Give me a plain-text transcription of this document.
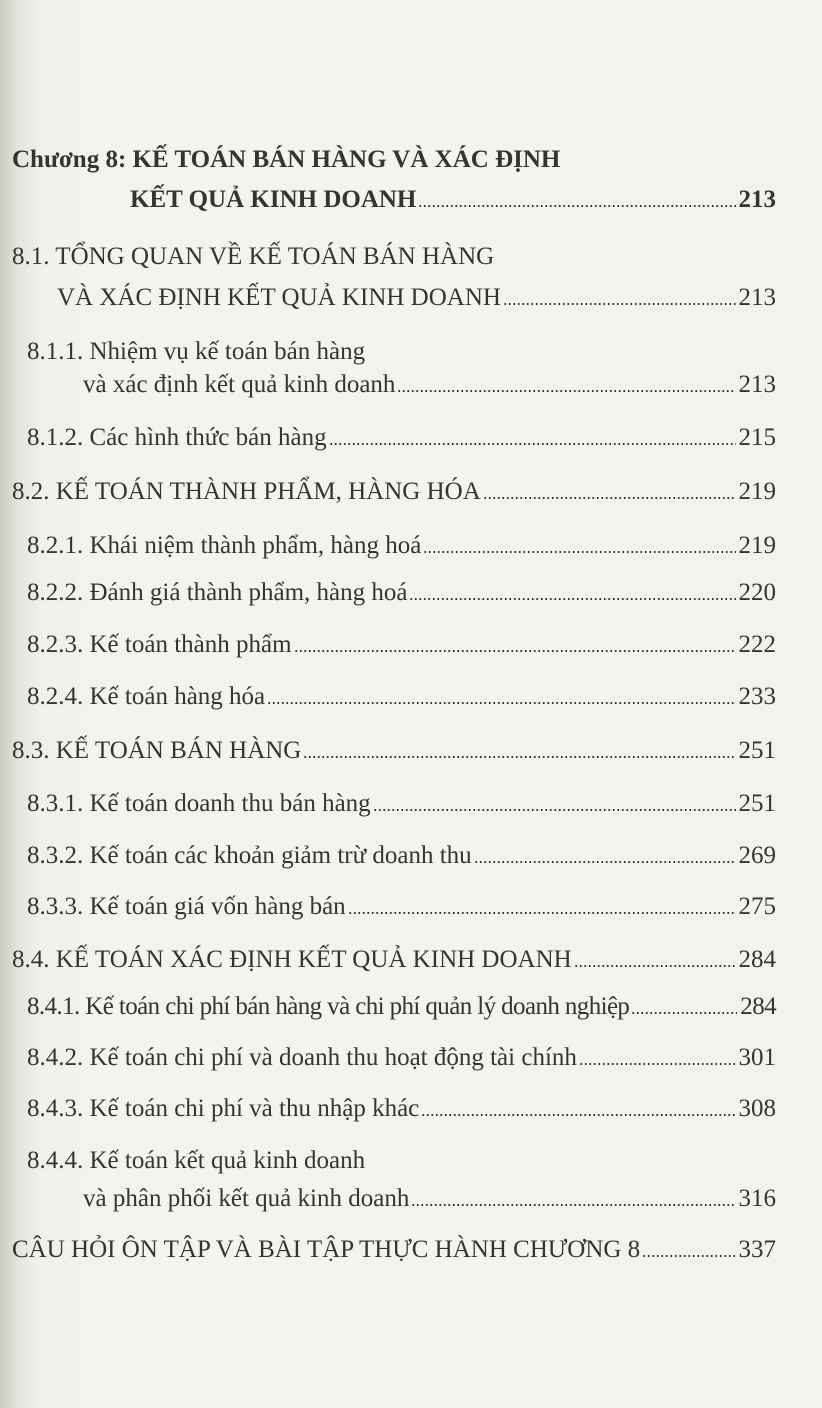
Chương 8: KẾ TOÁN BÁN HÀNG VÀ XÁC ĐỊNH
KẾT QUẢ KINH DOANH	213
8.1. TỔNG QUAN VỀ KẾ TOÁN BÁN HÀNG
VÀ XÁC ĐỊNH KẾT QUẢ KINH DOANH	213
8.1.1. Nhiệm vụ kế toán bán hàng
và xác định kết quả kinh doanh	213
8.1.2. Các hình thức bán hàng	215
8.2. KẾ TOÁN THÀNH PHẨM, HÀNG HÓA	219
8.2.1. Khái niệm thành phẩm, hàng hoá	219
8.2.2. Đánh giá thành phẩm, hàng hoá	220
8.2.3. Kế toán thành phẩm	222
8.2.4. Kế toán hàng hóa	233
8.3. KẾ TOÁN BÁN HÀNG	251
8.3.1. Kế toán doanh thu bán hàng	251
8.3.2. Kế toán các khoản giảm trừ doanh thu	269
8.3.3. Kế toán giá vốn hàng bán	275
8.4. KẾ TOÁN XÁC ĐỊNH KẾT QUẢ KINH DOANH	284
8.4.1. Kế toán chi phí bán hàng và chi phí quản lý doanh nghiệp	284
8.4.2. Kế toán chi phí và doanh thu hoạt động tài chính	301
8.4.3. Kế toán chi phí và thu nhập khác	308
8.4.4. Kế toán kết quả kinh doanh
và phân phối kết quả kinh doanh	316
CÂU HỎI ÔN TẬP VÀ BÀI TẬP THỰC HÀNH CHƯƠNG 8	337
